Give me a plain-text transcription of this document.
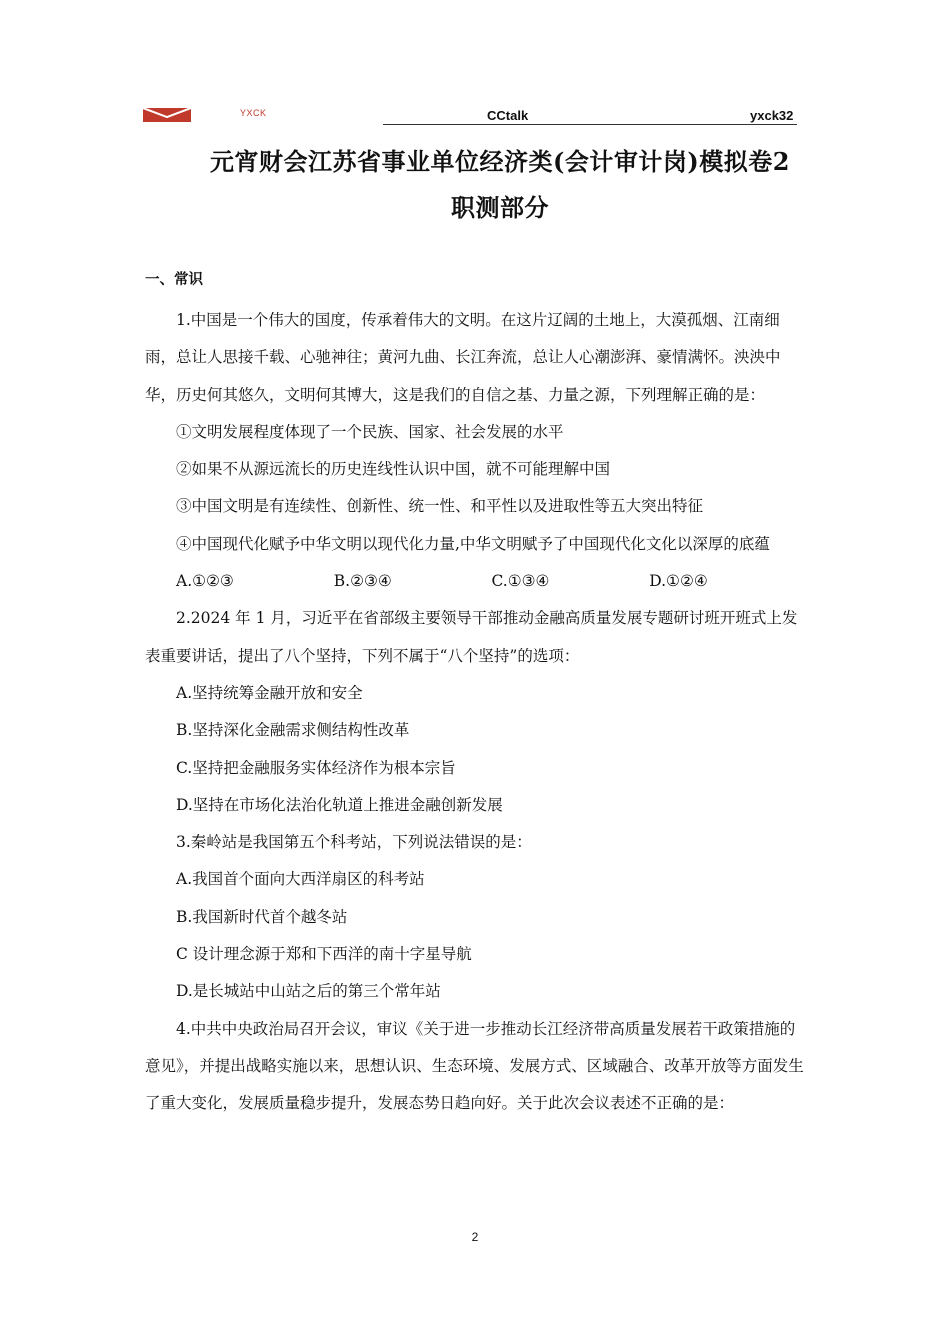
YXCK	CCtalk	yxck32
元宵财会江苏省事业单位经济类(会计审计岗)模拟卷2
职测部分
一、常识

1.中国是一个伟大的国度，传承着伟大的文明。在这片辽阔的土地上，大漠孤烟、江南细雨，总让人思接千载、心驰神往；黄河九曲、长江奔流，总让人心潮澎湃、豪情满怀。泱泱中华，历史何其悠久，文明何其博大，这是我们的自信之基、力量之源，下列理解正确的是：

①文明发展程度体现了一个民族、国家、社会发展的水平

②如果不从源远流长的历史连线性认识中国，就不可能理解中国

③中国文明是有连续性、创新性、统一性、和平性以及进取性等五大突出特征

④中国现代化赋予中华文明以现代化力量,中华文明赋予了中国现代化文化以深厚的底蕴

A.①②③	B.②③④	C.①③④	D.①②④

2.2024 年 1 月，习近平在省部级主要领导干部推动金融高质量发展专题研讨班开班式上发表重要讲话，提出了八个坚持，下列不属于“八个坚持”的选项：

A.坚持统筹金融开放和安全

B.坚持深化金融需求侧结构性改革

C.坚持把金融服务实体经济作为根本宗旨

D.坚持在市场化法治化轨道上推进金融创新发展

3.秦岭站是我国第五个科考站，下列说法错误的是：

A.我国首个面向大西洋扇区的科考站

B.我国新时代首个越冬站

C 设计理念源于郑和下西洋的南十字星导航

D.是长城站中山站之后的第三个常年站

4.中共中央政治局召开会议，审议《关于进一步推动长江经济带高质量发展若干政策措施的意见》，并提出战略实施以来，思想认识、生态环境、发展方式、区域融合、改革开放等方面发生了重大变化，发展质量稳步提升，发展态势日趋向好。关于此次会议表述不正确的是：

2
